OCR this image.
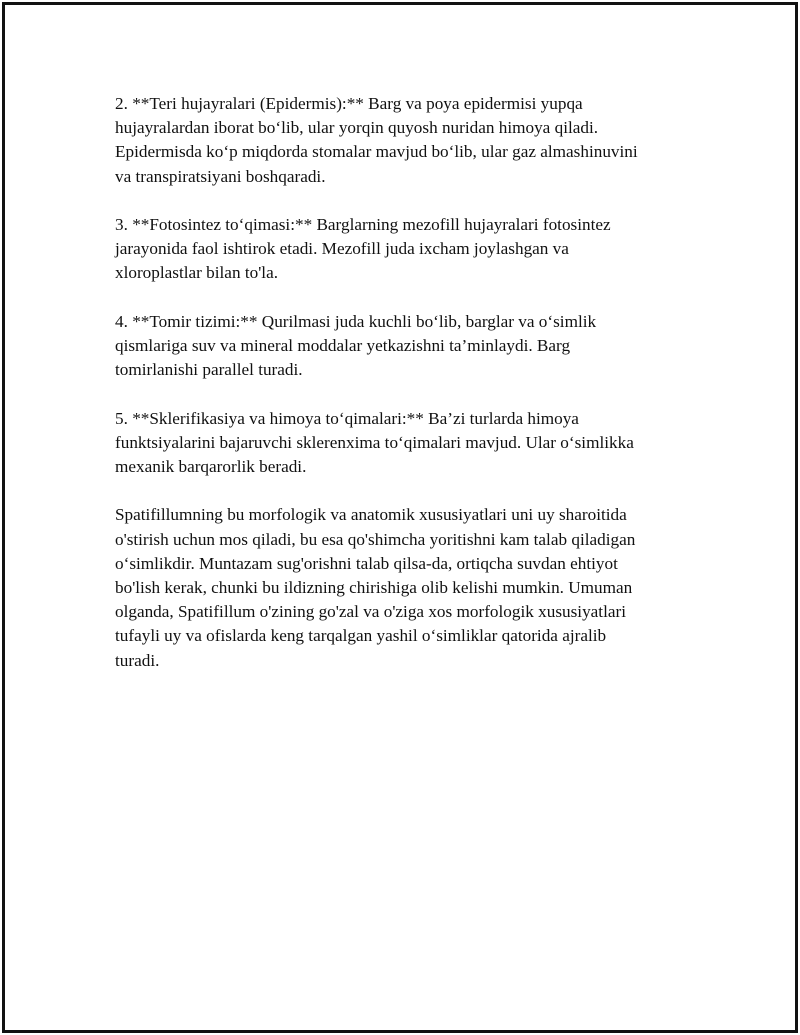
2. **Teri hujayralari (Epidermis):** Barg va poya epidermisi yupqa
hujayralardan iborat bo‘lib, ular yorqin quyosh nuridan himoya qiladi.
Epidermisda ko‘p miqdorda stomalar mavjud bo‘lib, ular gaz almashinuvini
va transpiratsiyani boshqaradi.

3. **Fotosintez to‘qimasi:** Barglarning mezofill hujayralari fotosintez
jarayonida faol ishtirok etadi. Mezofill juda ixcham joylashgan va
xloroplastlar bilan to'la.

4. **Tomir tizimi:** Qurilmasi juda kuchli bo‘lib, barglar va o‘simlik
qismlariga suv va mineral moddalar yetkazishni ta’minlaydi. Barg
tomirlanishi parallel turadi.

5. **Sklerifikasiya va himoya to‘qimalari:** Ba’zi turlarda himoya
funktsiyalarini bajaruvchi sklerenxima to‘qimalari mavjud. Ular o‘simlikka
mexanik barqarorlik beradi.

Spatifillumning bu morfologik va anatomik xususiyatlari uni uy sharoitida
o'stirish uchun mos qiladi, bu esa qo'shimcha yoritishni kam talab qiladigan
o‘simlikdir. Muntazam sug'orishni talab qilsa-da, ortiqcha suvdan ehtiyot
bo'lish kerak, chunki bu ildizning chirishiga olib kelishi mumkin. Umuman
olganda, Spatifillum o'zining go'zal va o'ziga xos morfologik xususiyatlari
tufayli uy va ofislarda keng tarqalgan yashil o‘simliklar qatorida ajralib
turadi.
